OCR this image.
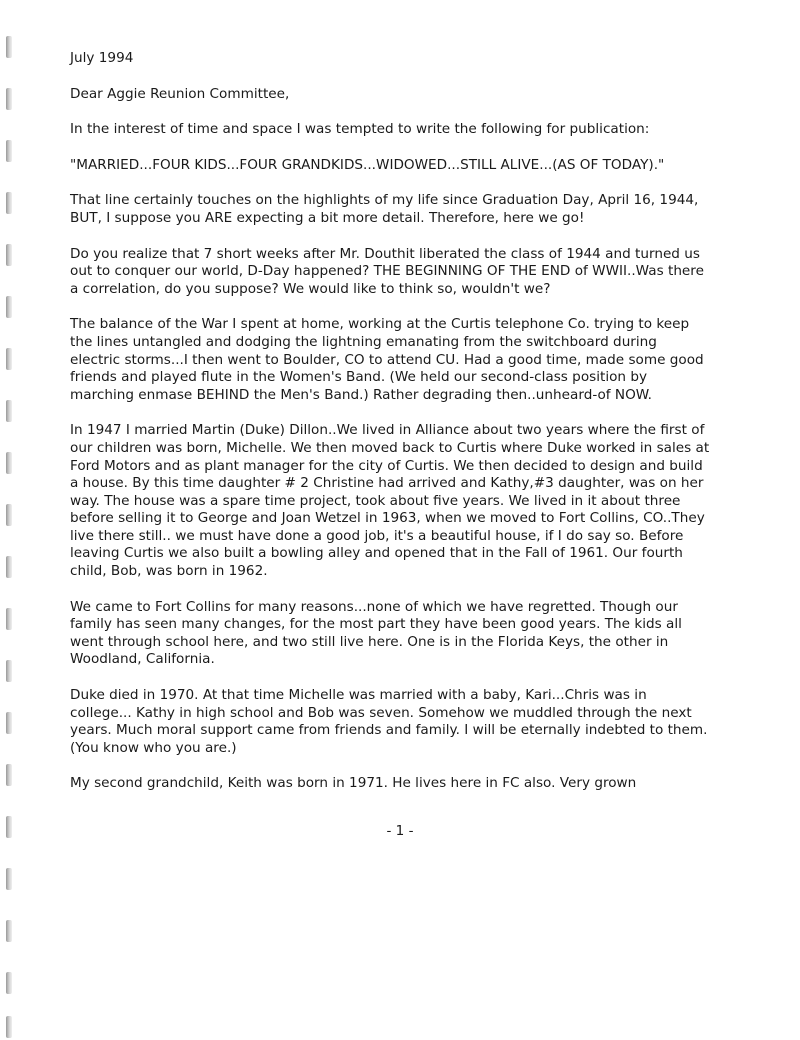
July 1994

Dear Aggie Reunion Committee,

In the interest of time and space I was tempted to write the following for publication:

"MARRIED...FOUR KIDS...FOUR GRANDKIDS...WIDOWED...STILL ALIVE...(AS OF TODAY)."

That line certainly touches on the highlights of my life since Graduation Day, April 16, 1944, BUT, I suppose you ARE expecting a bit more detail. Therefore, here we go!

Do you realize that 7 short weeks after Mr. Douthit liberated the class of 1944 and turned us out to conquer our world, D-Day happened? THE BEGINNING OF THE END of WWII..Was there a correlation, do you suppose? We would like to think so, wouldn't we?

The balance of the War I spent at home, working at the Curtis telephone Co. trying to keep the lines untangled and dodging the lightning emanating from the switchboard during electric storms...I then went to Boulder, CO to attend CU. Had a good time, made some good friends and played flute in the Women's Band. (We held our second-class position by marching enmase BEHIND the Men's Band.) Rather degrading then..unheard-of NOW.

In 1947 I married Martin (Duke) Dillon..We lived in Alliance about two years where the first of our children was born, Michelle. We then moved back to Curtis where Duke worked in sales at Ford Motors and as plant manager for the city of Curtis. We then decided to design and build a house. By this time daughter # 2 Christine had arrived and Kathy,#3 daughter, was on her way. The house was a spare time project, took about five years. We lived in it about three before selling it to George and Joan Wetzel in 1963, when we moved to Fort Collins, CO..They live there still.. we must have done a good job, it's a beautiful house, if I do say so. Before leaving Curtis we also built a bowling alley and opened that in the Fall of 1961. Our fourth child, Bob, was born in 1962.

We came to Fort Collins for many reasons...none of which we have regretted. Though our family has seen many changes, for the most part they have been good years. The kids all went through school here, and two still live here. One is in the Florida Keys, the other in Woodland, California.

Duke died in 1970. At that time Michelle was married with a baby, Kari...Chris was in college... Kathy in high school and Bob was seven. Somehow we muddled through the next years. Much moral support came from friends and family. I will be eternally indebted to them. (You know who you are.)

My second grandchild, Keith was born in 1971. He lives here in FC also. Very grown

- 1 -
